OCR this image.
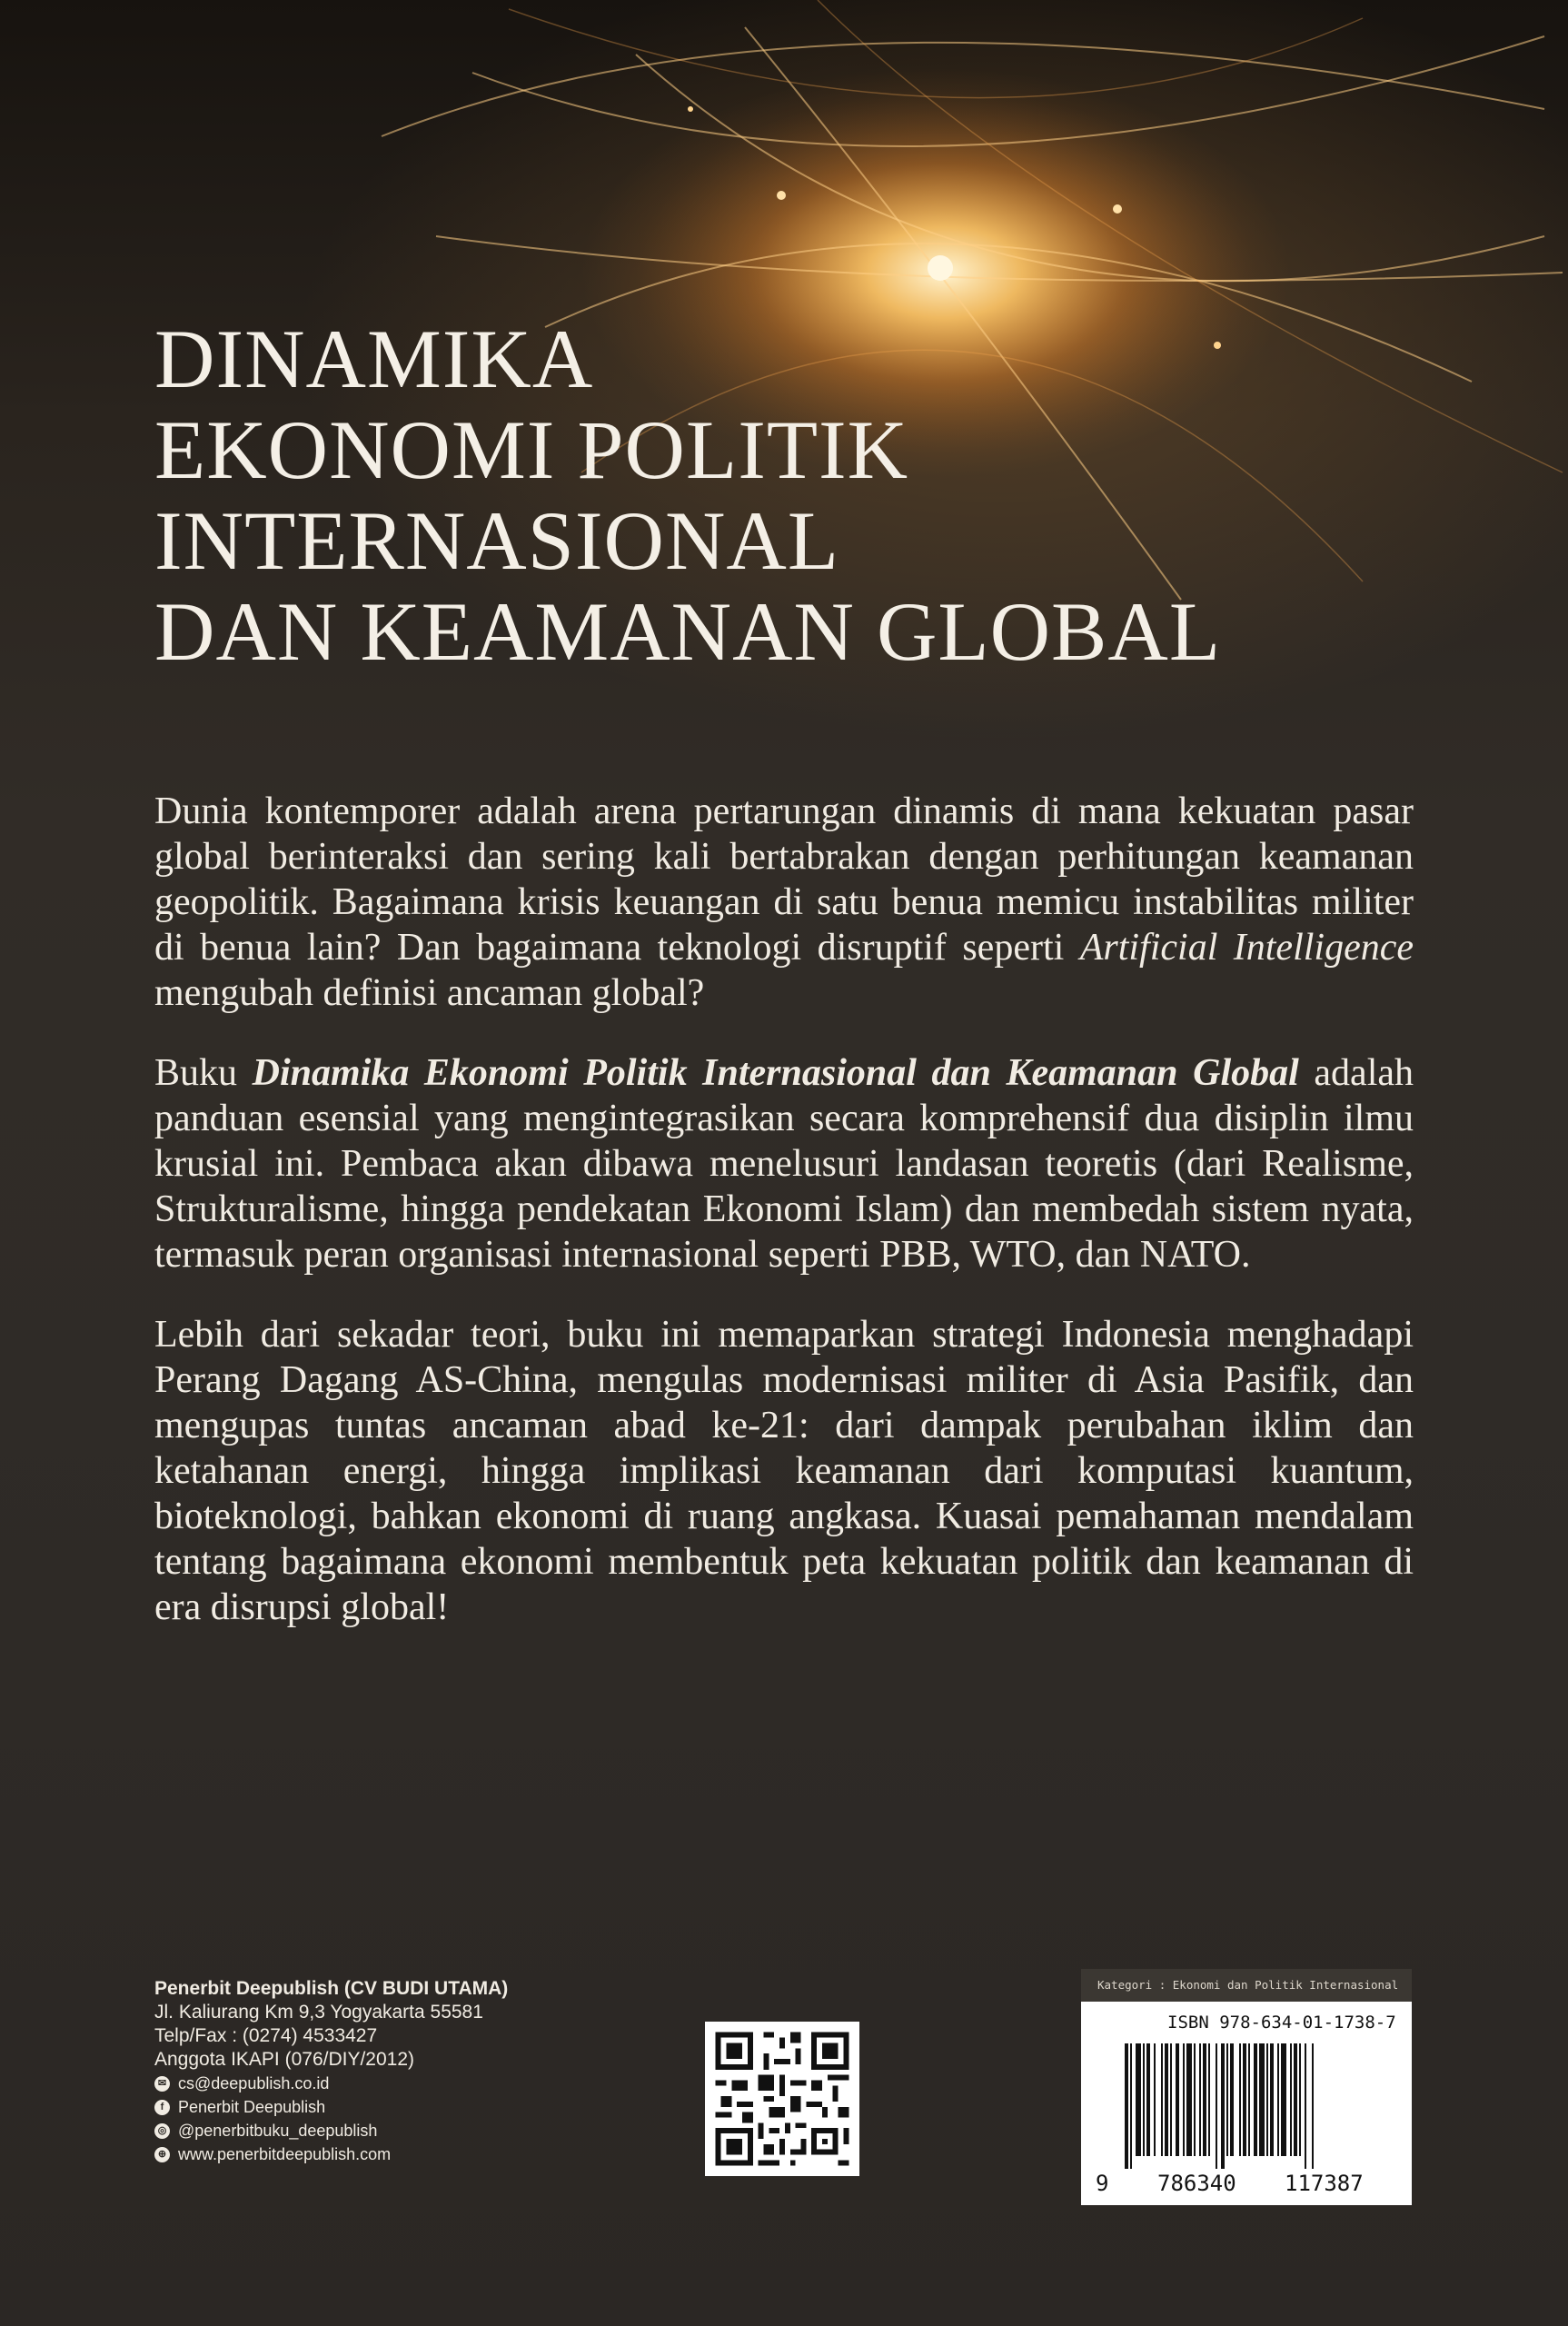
DINAMIKA
EKONOMI POLITIK
INTERNASIONAL
DAN KEAMANAN GLOBAL

Dunia kontemporer adalah arena pertarungan dinamis di mana kekuatan pasar global berinteraksi dan sering kali bertabrakan dengan perhitungan keamanan geopolitik. Bagaimana krisis keuangan di satu benua memicu instabilitas militer di benua lain? Dan bagaimana teknologi disruptif seperti Artificial Intelligence mengubah definisi ancaman global?

Buku Dinamika Ekonomi Politik Internasional dan Keamanan Global adalah panduan esensial yang mengintegrasikan secara komprehensif dua disiplin ilmu krusial ini. Pembaca akan dibawa menelusuri landasan teoretis (dari Realisme, Strukturalisme, hingga pendekatan Ekonomi Islam) dan membedah sistem nyata, termasuk peran organisasi internasional seperti PBB, WTO, dan NATO.

Lebih dari sekadar teori, buku ini memaparkan strategi Indonesia menghadapi Perang Dagang AS-China, mengulas modernisasi militer di Asia Pasifik, dan mengupas tuntas ancaman abad ke-21: dari dampak perubahan iklim dan ketahanan energi, hingga implikasi keamanan dari komputasi kuantum, bioteknologi, bahkan ekonomi di ruang angkasa. Kuasai pemahaman mendalam tentang bagaimana ekonomi membentuk peta kekuatan politik dan keamanan di era disrupsi global!

Penerbit Deepublish (CV BUDI UTAMA)
Jl. Kaliurang Km 9,3 Yogyakarta 55581
Telp/Fax : (0274) 4533427
Anggota IKAPI (076/DIY/2012)
✉ cs@deepublish.co.id
f Penerbit Deepublish
◎ @penerbitbuku_deepublish
⊕ www.penerbitdeepublish.com
Kategori : Ekonomi dan Politik Internasional
ISBN 978-634-01-1738-7
9 786340 117387
